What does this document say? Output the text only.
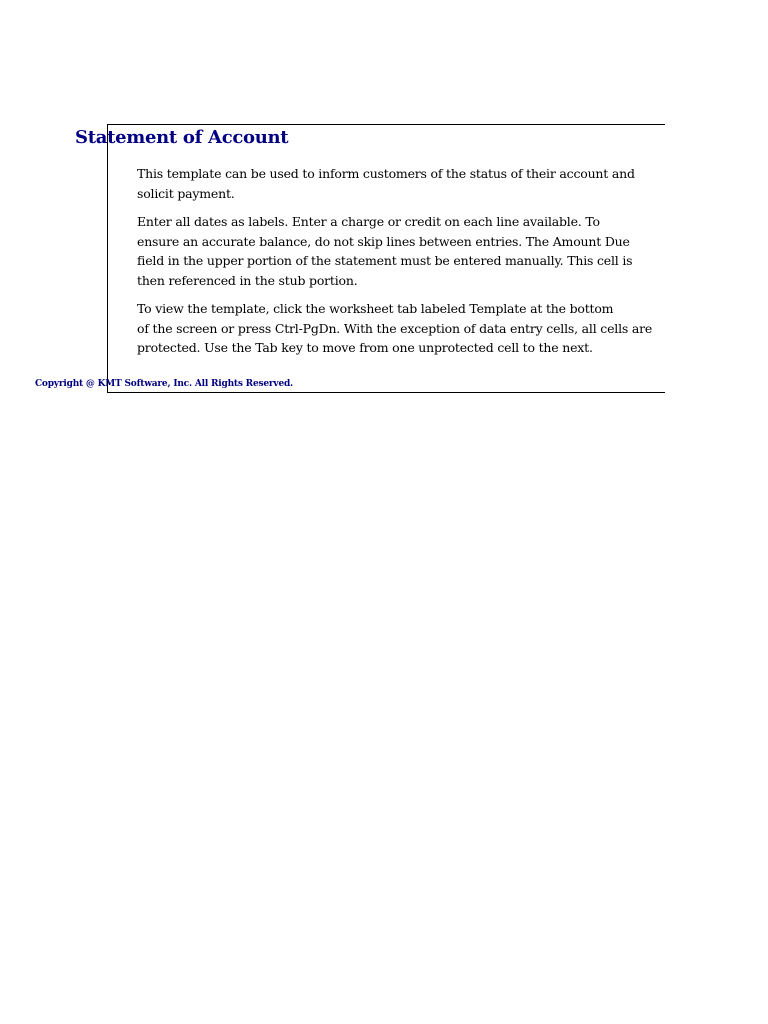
Statement of Account

This template can be used to inform customers of the status of their account and
solicit payment.

Enter all dates as labels. Enter a charge or credit on each line available. To
ensure an accurate balance, do not skip lines between entries. The Amount Due
field in the upper portion of the statement must be entered manually. This cell is
then referenced in the stub portion.

To view the template, click the worksheet tab labeled Template at the bottom
of the screen or press Ctrl-PgDn. With the exception of data entry cells, all cells are
protected. Use the Tab key to move from one unprotected cell to the next.

Copyright @ KMT Software, Inc. All Rights Reserved.
